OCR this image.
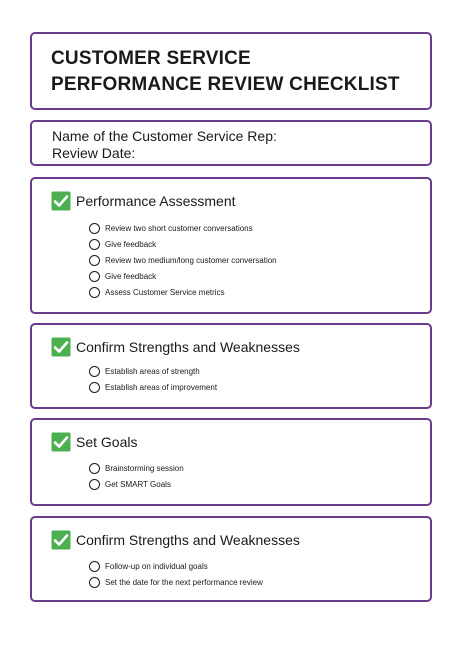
CUSTOMER SERVICE
PERFORMANCE REVIEW CHECKLIST
Name of the Customer Service Rep:
Review Date:
Performance Assessment
Review two short customer conversations
Give feedback
Review two medium/long customer conversation
Give feedback
Assess Customer Service metrics
Confirm Strengths and Weaknesses
Establish areas of strength
Establish areas of improvement
Set Goals
Brainstorming session
Get SMART Goals
Confirm Strengths and Weaknesses
Follow-up on individual goals
Set the date for the next performance review
